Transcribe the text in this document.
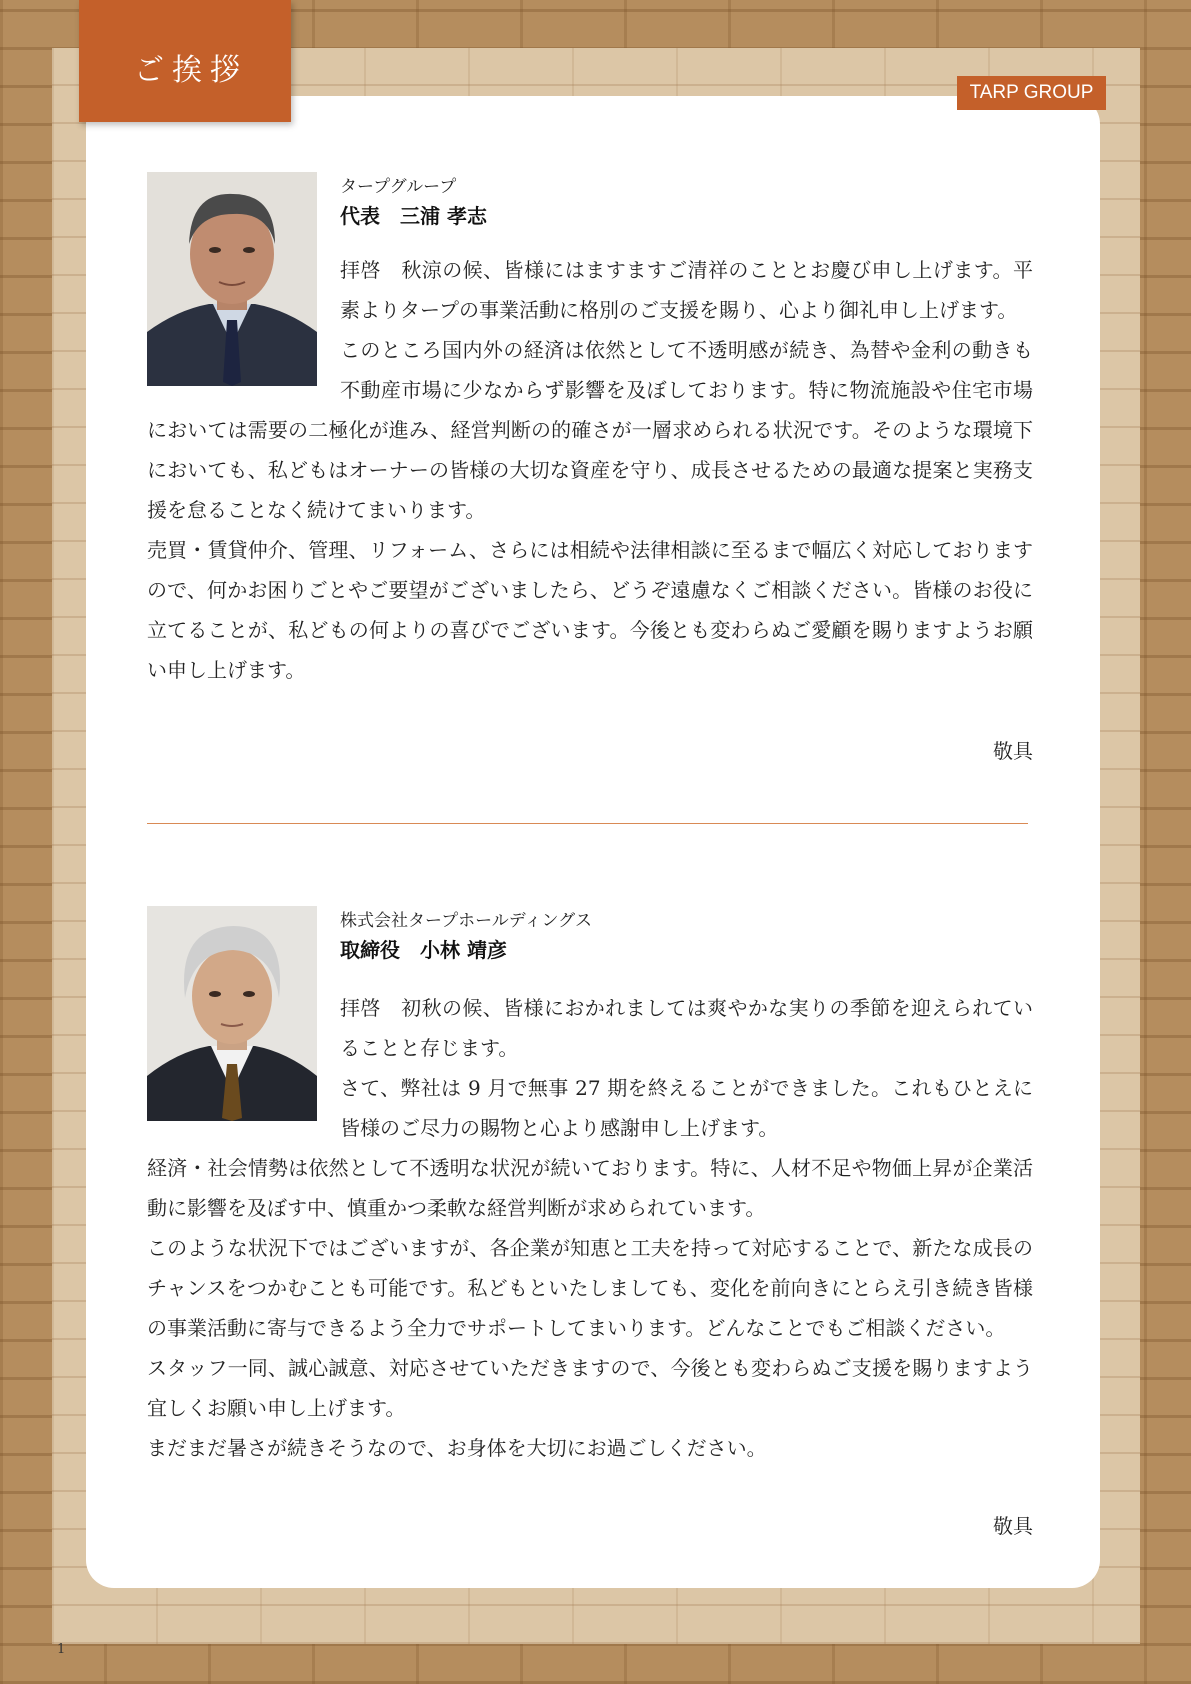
ご挨拶
TARP GROUP
タープグループ
代表　三浦 孝志

拝啓　秋涼の候、皆様にはますますご清祥のこととお慶び申し上げます。平素よりタープの事業活動に格別のご支援を賜り、心より御礼申し上げます。

このところ国内外の経済は依然として不透明感が続き、為替や金利の動きも不動産市場に少なからず影響を及ぼしております。特に物流施設や住宅市場においては需要の二極化が進み、経営判断の的確さが一層求められる状況です。そのような環境下においても、私どもはオーナーの皆様の大切な資産を守り、成長させるための最適な提案と実務支援を怠ることなく続けてまいります。

売買・賃貸仲介、管理、リフォーム、さらには相続や法律相談に至るまで幅広く対応しておりますので、何かお困りごとやご要望がございましたら、どうぞ遠慮なくご相談ください。皆様のお役に立てることが、私どもの何よりの喜びでございます。今後とも変わらぬご愛顧を賜りますようお願い申し上げます。

敬具
株式会社タープホールディングス
取締役　小林 靖彦

拝啓　初秋の候、皆様におかれましては爽やかな実りの季節を迎えられていることと存じます。

さて、弊社は 9 月で無事 27 期を終えることができました。これもひとえに皆様のご尽力の賜物と心より感謝申し上げます。

経済・社会情勢は依然として不透明な状況が続いております。特に、人材不足や物価上昇が企業活動に影響を及ぼす中、慎重かつ柔軟な経営判断が求められています。

このような状況下ではございますが、各企業が知恵と工夫を持って対応することで、新たな成長のチャンスをつかむことも可能です。私どもといたしましても、変化を前向きにとらえ引き続き皆様の事業活動に寄与できるよう全力でサポートしてまいります。どんなことでもご相談ください。

スタッフ一同、誠心誠意、対応させていただきますので、今後とも変わらぬご支援を賜りますよう宜しくお願い申し上げます。

まだまだ暑さが続きそうなので、お身体を大切にお過ごしください。

敬具
1
